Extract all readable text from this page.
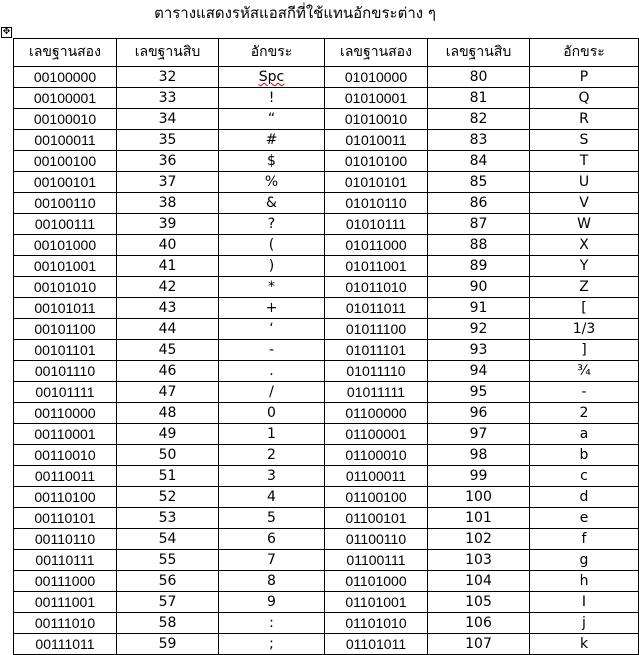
ตารางแสดงรหัสแอสกีที่ใช้แทนอักขระต่าง ๆ
✥
เลขฐานสอง	เลขฐานสิบ	อักขระ	เลขฐานสอง	เลขฐานสิบ	อักขระ
00100000	32	Spc	01010000	80	P
00100001	33	!	01010001	81	Q
00100010	34	“	01010010	82	R
00100011	35	#	01010011	83	S
00100100	36	$	01010100	84	T
00100101	37	%	01010101	85	U
00100110	38	&	01010110	86	V
00100111	39	?	01010111	87	W
00101000	40	(	01011000	88	X
00101001	41	)	01011001	89	Y
00101010	42	*	01011010	90	Z
00101011	43	+	01011011	91	[
00101100	44	‘	01011100	92	1/3
00101101	45	-	01011101	93	]
00101110	46	.	01011110	94	¾
00101111	47	/	01011111	95	-
00110000	48	0	01100000	96	2
00110001	49	1	01100001	97	a
00110010	50	2	01100010	98	b
00110011	51	3	01100011	99	c
00110100	52	4	01100100	100	d
00110101	53	5	01100101	101	e
00110110	54	6	01100110	102	f
00110111	55	7	01100111	103	g
00111000	56	8	01101000	104	h
00111001	57	9	01101001	105	I
00111010	58	:	01101010	106	j
00111011	59	;	01101011	107	k
